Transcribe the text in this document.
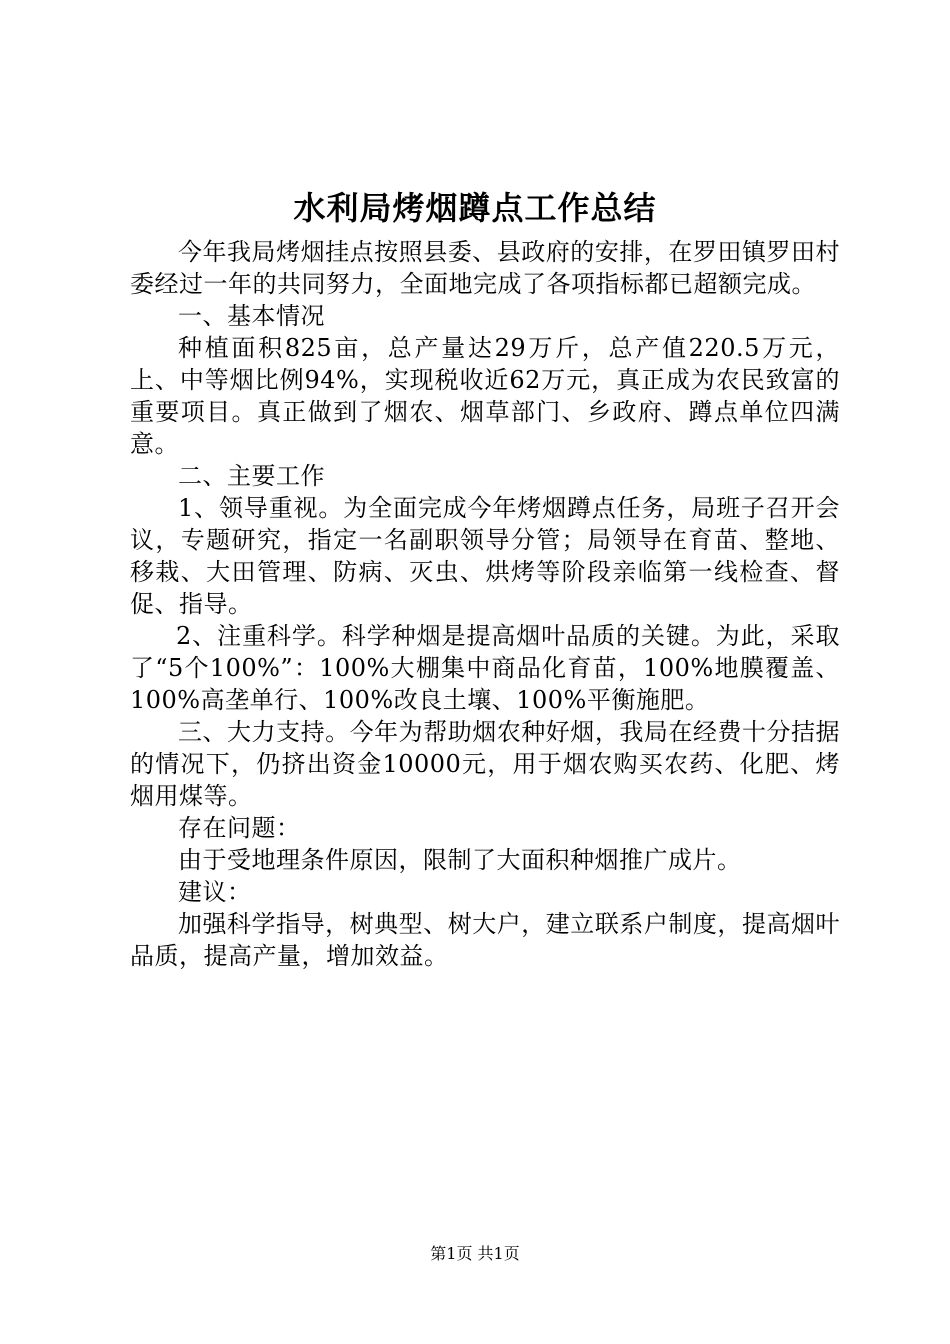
水利局烤烟蹲点工作总结

今年我局烤烟挂点按照县委、县政府的安排，在罗田镇罗田村委经过一年的共同努力，全面地完成了各项指标都已超额完成。

一、基本情况

种植面积825亩，总产量达29万斤，总产值220.5万元，上、中等烟比例94%，实现税收近62万元，真正成为农民致富的重要项目。真正做到了烟农、烟草部门、乡政府、蹲点单位四满意。

二、主要工作

1、领导重视。为全面完成今年烤烟蹲点任务，局班子召开会议，专题研究，指定一名副职领导分管；局领导在育苗、整地、移栽、大田管理、防病、灭虫、烘烤等阶段亲临第一线检查、督促、指导。

2、注重科学。科学种烟是提高烟叶品质的关键。为此，采取了“5个100%”：100%大棚集中商品化育苗，100%地膜覆盖、100%高垄单行、100%改良土壤、100%平衡施肥。

三、大力支持。今年为帮助烟农种好烟，我局在经费十分拮据的情况下，仍挤出资金10000元，用于烟农购买农药、化肥、烤烟用煤等。

存在问题：

由于受地理条件原因，限制了大面积种烟推广成片。

建议：

加强科学指导，树典型、树大户，建立联系户制度，提高烟叶品质，提高产量，增加效益。

第1页 共1页
